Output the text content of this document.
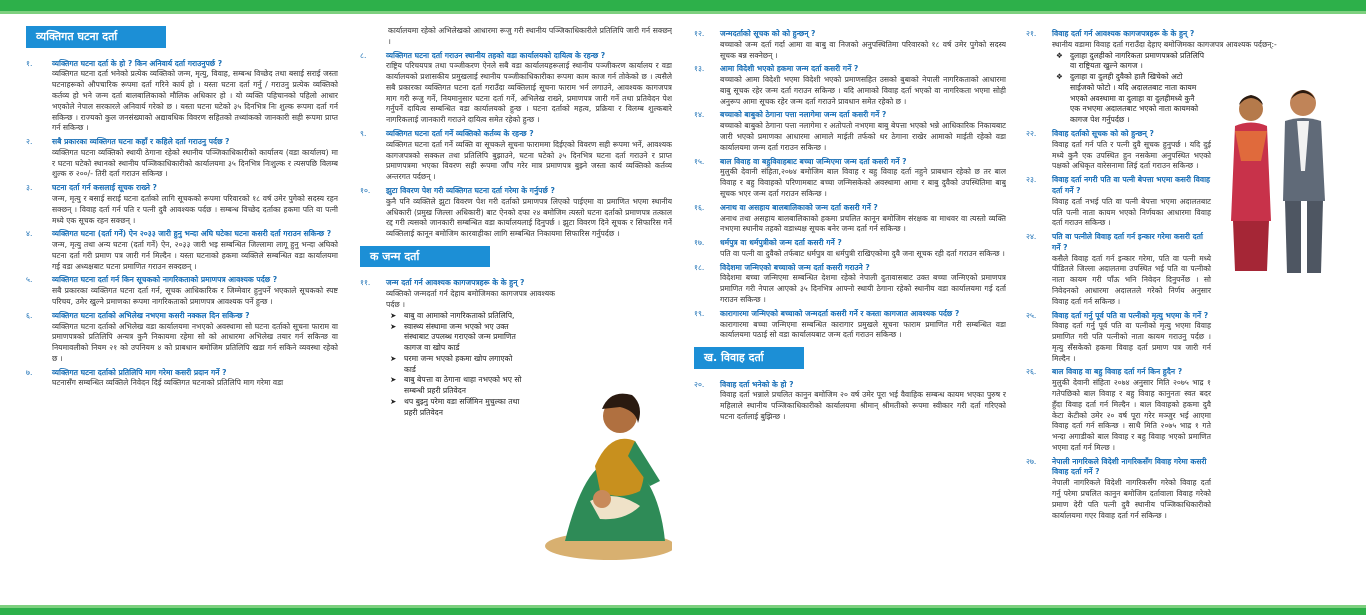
व्यक्तिगत घटना दर्ता
१.	व्यक्तिगत घटना दर्ता के हो ? किन अनिवार्य दर्ता गराउनुपर्छ ?
व्यक्तिगत घटना दर्ता भनेको प्रत्येक व्यक्तिको जन्म, मृत्यु, विवाह, सम्बन्ध विच्छेद तथा बसाई सराई जस्ता घटनाहरूको औपचारिक रूपमा दर्ता गरिने कार्य हो । यस्ता घटना दर्ता गर्नु / गराउनु प्रत्येक व्यक्तिको कर्तव्य हो भने जन्म दर्ता बालबालिकाको मौलिक अधिकार हो । यो व्यक्ति पहिचानको पहिलो आधार भएकोले नेपाल सरकारले अनिवार्य गरेको छ । यस्ता घटना घटेको ३५ दिनभित्र निः शुल्क रूपमा दर्ता गर्न सकिन्छ । राज्यको कुल जनसंख्याको अद्यावधिक विवरण सहितको तथ्यांकको जानकारी सही रूपमा प्राप्त गर्न सकिन्छ ।
२.	सबै प्रकारका व्यक्तिगत घटना कहाँ र कहिले दर्ता गराउनु पर्दछ ?
व्यक्तिगत घटना व्यक्तिको स्थायी ठेगाना रहेको स्थानीय पञ्जिकाधिकारीको कार्यालय (वडा कार्यालय) मा र घटना घटेको स्थानको स्थानीय पञ्जिकाधिकारीको कार्यालयमा ३५ दिनभित्र निःशुल्क र त्यसपछि विलम्ब शुल्क रु २००/- तिरी दर्ता गराउन सकिन्छ ।
३.	घटना दर्ता गर्न कसलाई सूचक राख्ने ?
जन्म, मृत्यु र बसाई सराई घटना दर्ताको लागि सूचकको रूपमा परिवारको १८ वर्ष उमेर पुगेको सदस्य रहन सक्छन् । विवाह दर्ता गर्न पति र पत्नी दुवै आवश्यक पर्दछ । सम्बन्ध विच्छेद दर्ताका हकमा पति वा पत्नी मध्ये एक सूचक रहन सक्छन् ।
४.	व्यक्तिगत घटना (दर्ता गर्ने) ऐन २०३३ जारी हुनु भन्दा अघि घटेका घटना कसरी दर्ता गराउन सकिन्छ ?
जन्म, मृत्यु तथा अन्य घटना (दर्ता गर्ने) ऐन, २०३३ जारी भइ सम्बन्धित जिल्लामा लागू हुनु भन्दा अघिको घटना दर्ता गरी प्रमाण पत्र जारी गर्न मिल्दैन । यस्ता घटनाको हकमा व्यक्तिले सम्बन्धित वडा कार्यालयमा गई वडा अध्यक्षबाट घटना प्रमाणित गराउन सक्दछन् ।
५.	व्यक्तिगत घटना दर्ता गर्न किन सूचकको नागरिकताको प्रमाणपत्र आवश्यक पर्दछ ?
सबै प्रकारका व्यक्तिगत घटना दर्ता गर्न, सूचक आधिकारिक र जिम्मेवार हुनुपर्ने भएकाले सूचकको स्पष्ट परिचय, उमेर खुल्ने प्रमाणका रूपमा नागरिकताको प्रमाणपत्र आवश्यक पर्ने हुन्छ ।
६.	व्यक्तिगत घटना दर्ताको अभिलेख नभएमा कसरी नक्कल दिन सकिन्छ ?
व्यक्तिगत घटना दर्ताको अभिलेख वडा कार्यालयमा नभएको अवस्थामा सो घटना दर्ताको सूचना फाराम वा प्रमाणपत्रको प्रतिलिपि अन्यत्र कुनै निकायमा रहेमा सो को आधारमा अभिलेख तयार गर्न सकिन्छ वा नियमावलीको नियम २१ को उपनियम ४ को प्राबधान बमोजिम प्रतिलिपि खडा गर्न सकिने व्यवस्था रहेको छ ।
७.	व्यक्तिगत घटना दर्ताको प्रतिलिपि माग गरेमा कसरी प्रदान गर्ने ?
घटनासँग सम्बन्धित व्यक्तिले निवेदन दिई व्यक्तिगत घटनाको प्रतिलिपि माग गरेमा वडा
कार्यालयमा रहेको अभिलेखको आधारमा रूजु गरी स्थानीय पञ्जिकाधिकारीले प्रतिलिपि जारी गर्न सक्छन् ।
८.	व्यक्तिगत घटना दर्ता गराउन स्थानीय तहको वडा कार्यालयको दायित्व के रहन्छ ?
राष्ट्रिय परिचयपत्र तथा पञ्जीकरण ऐनले सबै वडा कार्यालयहरूलाई स्थानीय पञ्जीकरण कार्यालय र वडा कार्यालयको प्रशासकीय प्रमुखलाई स्थानीय पञ्जीकाधिकारीका रूपमा काम काज गर्न तोकेको छ । त्यसैले सबै प्रकारका व्यक्तिगत घटना दर्ता गराउँदा व्यक्तिलाई सूचना फाराम भर्न लगाउने, आवश्यक कागजपत्र माग गरी रूजु गर्ने, नियमानुसार घटना दर्ता गर्ने, अभिलेख राख्ने, प्रमाणपत्र जारी गर्ने तथा प्रतिवेदन पेश गर्नुपर्ने दायित्व सम्बन्धित वडा कार्यालयको हुन्छ । घटना दर्ताको महत्व, प्रक्रिया र विलम्ब शुल्कबारे नागरिकलाई जानकारी गराउने दायित्व समेत रहेको हुन्छ ।
९.	व्यक्तिगत घटना दर्ता गर्ने व्यक्तिको कर्तव्य के रहन्छ ?
व्यक्तिगत घटना दर्ता गर्ने व्यक्ति वा सूचकले सूचना फाराममा दिईएको विवरण सही रूपमा भर्ने, आवश्यक कागजपत्रको सक्कल तथा प्रतिलिपि बुझाउने, घटना घटेको ३५ दिनभित्र घटना दर्ता गराउने र प्राप्त प्रमाणपत्रमा भएका विवरण सही रूपमा जाँच गरेर मात्र प्रमाणपत्र बुझ्ने जस्ता कार्य व्यक्तिको कर्तव्य अन्तरगत पर्दछन् ।
१०.	झुटा विवरण पेश गरी व्यक्तिगत घटना दर्ता गरेमा के गर्नुपर्छ ?
कुनै पनि व्यक्तिले झुटा विवरण पेश गरी दर्ताको प्रमाणपत्र लिएको पाईएमा वा प्रमाणित भएमा स्थानीय अधिकारी (प्रमुख जिल्ला अधिकारी) बाट ऐनको दफा २४ बमोजिम त्यस्तो घटना दर्ताको प्रमाणपत्र तत्काल रद्द गरी त्यसको जानकारी सम्बन्धित वडा कार्यालयलाई दिनुपर्छ । झुटा विवरण दिने सूचक र सिफारिस गर्ने व्यक्तिलाई कानून बमोजिम कारवाहीका लागि सम्बन्धित निकायमा सिफारिस गर्नुपर्दछ ।
क जन्म दर्ता
११.	जन्म दर्ता गर्न आवश्यक कागजपत्रहरू के के हुन् ?
व्यक्तिको जन्मदर्ता गर्न देहाय बमोजिमका कागजपत्र आवश्यक पर्दछ ।
➤	बाबु वा आमाको नागरिकताको प्रतिलिपि,
➤	स्वास्थ्य संस्थामा जन्म भएको भए उक्त संस्थाबाट उपलब्ध गराएको जन्म प्रमाणित कागज वा खोप कार्ड
➤	घरमा जन्म भएको हकमा खोप लगाएको कार्ड
➤	बाबु बेपत्ता वा ठेगाना थाहा नभएको भए सो सम्बन्धी प्रहरी प्रतिवेदन
➤	थप बुझ्नु परेमा वडा सर्जिमिन मुचुल्का तथा प्रहरी प्रतिवेदन
१२.	जन्मदर्ताको सूचक को को हुन्छन् ?
बच्चाको जन्म दर्ता गर्दा आमा वा बाबु वा निजको अनुपस्थितिमा परिवारको १८ वर्ष उमेर पुगेको सदस्य सूचक बन्न सक्नेछन् ।
१३.	आमा विदेशी भएको हकमा जन्म दर्ता कसरी गर्ने ?
बच्चाको आमा विदेशी भएमा विदेशी भएको प्रमाणसहित उसको बुबाको नेपाली नागरिकताको आधारमा बाबु सूचक रहेर जन्म दर्ता गराउन सकिन्छ । यदि आमाको विवाह दर्ता भएको वा नागरिकता भएमा सोही अनुरूप आमा सूचक रहेर जन्म दर्ता गराउने प्रावधान समेत रहेको छ ।
१४.	बच्चाको बाबुको ठेगाना पत्ता नलागेमा जन्म दर्ता कसरी गर्ने ?
बच्चाको बाबुको ठेगाना पत्ता नलागेमा र अतोपतो नभएमा बाबु बेपत्ता भएको भन्ने आधिकारिक निकायबाट जारी भएको प्रमाणका आधारमा आमाले माईती तर्फको थर ठेगाना राखेर आमाको माईती रहेको वडा कार्यालयमा जन्म दर्ता गराउन सकिन्छ ।
१५.	बाल विवाह वा बहुविवाहबाट बच्चा जन्मिएमा जन्म दर्ता कसरी गर्ने ?
मुलुकी देवानी संहिता,२०७४ बमोजिम बाल विवाह र बहु विवाह दर्ता नहुने प्राबधान रहेको छ तर बाल विवाह र बहु विवाहको परिणामबाट बच्चा जन्मिसकेको अवस्थामा आमा र बाबु दुवैको उपस्थितिमा बाबु सूचक भएर जन्म दर्ता गराउन सकिन्छ ।
१६.	अनाथ वा असहाय बालबालिकाको जन्म दर्ता कसरी गर्ने ?
अनाथ तथा असहाय बालबालिकाको हकमा प्रचलित कानून बमोजिम संरक्षक वा माथवर वा त्यस्तो व्यक्ति नभएमा स्थानीय तहको वडाध्यक्ष सूचक बनेर जन्म दर्ता गर्न सकिन्छ ।
१७.	धर्मपुत्र वा धर्मपुत्रीको जन्म दर्ता कसरी गर्ने ?
पति वा पत्नी वा दुवैको तर्फबाट धर्मपुत्र वा धर्मपुत्री राखिएकोमा दुवै जना सूचक रही दर्ता गराउन सकिन्छ ।
१८.	विदेशमा जन्मिएको बच्चाको जन्म दर्ता कसरी गराउने ?
विदेशमा बच्चा जन्मिएमा सम्बन्धित देशमा रहेको नेपाली दुतावासबाट उक्त बच्चा जन्मिएको प्रमाणपत्र प्रमाणित गरी नेपाल आएको ३५ दिनभित्र आफ्नो स्थायी ठेगाना रहेको स्थानीय वडा कार्यालयमा गई दर्ता गराउन सकिन्छ ।
१९.	कारागारमा जन्मिएको बच्चाको जन्मदर्ता कसरी गर्ने र कस्ता कागजात आवश्यक पर्दछ ?
कारागारमा बच्चा जन्मिएमा सम्बन्धित कारागार प्रमुखले सूचना फाराम प्रमाणित गरी सम्बन्धित वडा कार्यालयमा पठाई सो वडा कार्यालयबाट जन्म दर्ता गराउन सकिन्छ ।
ख. विवाह दर्ता
२०.	विवाह दर्ता भनेको के हो ?
विवाह दर्ता भन्नाले प्रचलित कानुन बमोजिम २० वर्ष उमेर पूरा भई वैवाहिक सम्बन्ध कायम भएका पुरुष र महिलाले स्थानीय पञ्जिकाधिकारीको कार्यालयमा श्रीमान् श्रीमतीको रूपमा स्वीकार गरी दर्ता गरिएको घटना दर्तालाई बुझिन्छ ।
२१.	विवाह दर्ता गर्न आवश्यक कागजपत्रहरू के के हुन् ?
स्थानीय वडामा विवाह दर्ता गराउँदा देहाए बमोजिमका कागजपत्र आवश्यक पर्दछन्:-
❖ दुलाहा दुलहीको नागरिकता प्रमाणपत्रको प्रतिलिपि वा राष्ट्रियता खुल्ने कागज ।
❖ दुलाहा वा दुलही दुवैको हालै खिचेको अटो साईजको फोटो । यदि अदालतबाट नाता कायम भएको अवस्थामा वा दुलाहा वा दुलहीमध्ये कुनै एक नभएमा अदालतबाट भएको नाता कायमको कागज पेश गर्नुपर्दछ ।
२२.	विवाह दर्ताको सूचक को को हुन्छन् ?
विवाह दर्ता गर्न पति र पत्नी दुवै सूचक हुनुपर्छ । यदि दुई मध्ये कुनै एक उपस्थित हुन नसकेमा अनुपस्थित भएको पक्षको अधिकृत वारेसनामा लिई दर्ता गराउन सकिन्छ ।
२३.	विवाह दर्ता नगरी पति वा पत्नी बेपत्ता भएमा कसरी विवाह दर्ता गर्ने ?
विवाह दर्ता नभई पति वा पत्नी बेपत्ता भएमा अदालतबाट पति पत्नी नाता कायम भएको निर्णयका आधारमा विवाह दर्ता गराउन सकिन्छ ।
२४.	पति वा पत्नीले विवाह दर्ता गर्न इन्कार गरेमा कसरी दर्ता गर्ने ?
कसैले विवाह दर्ता गर्न इन्कार गरेमा, पति वा पत्नी मध्ये पीडितले जिल्ला अदालतमा उपस्थित भई पति वा पत्नीको नाता कायम गरी पाँऊ भनि निवेदन दिनुपर्नेछ । सो निवेदनको आधारमा अदालतले गरेको निर्णय अनुसार विवाह दर्ता गर्न सकिन्छ ।
२५.	विवाह दर्ता गर्नु पूर्व पति वा पत्नीको मृत्यु भएमा के गर्ने ?
विवाह दर्ता गर्नु पूर्व पति वा पत्नीको मृत्यु भएमा विवाह प्रमाणित गरी पति पत्नीको नाता कायम गराउनु पर्दछ । मृत्यु सँसकेको हकमा विवाह दर्ता प्रमाण पत्र जारी गर्न मिल्दैन ।
२६.	बाल विवाह वा बहु विवाह दर्ता गर्न किन हुदैन ?
मुलुकी देवानी संहिता २०७४ अनुसार मिति २०७५ भाद्र १ गतेपछिको बाल विवाह र बहु विवाह कानुनतः स्वत बदर हुँदा विवाह दर्ता गर्न मिल्दैन । बाल विवाहको हकमा दुवै केटा केटीको उमेर २० वर्ष पूरा गरेर मञ्जुर भई आएमा विवाह दर्ता गर्न सकिन्छ । साथै मिति २०७५ भाद्र १ गते भन्दा अगाडीको बाल विवाह र बहु विवाह भएको प्रमाणित भएमा दर्ता गर्न मिल्छ ।
२७.	नेपाली नागरिकले विदेशी नागरिकसँग विवाह गरेमा कसरी विवाह दर्ता गर्ने ?
नेपाली नागरिकले विदेशी नागरिकसँग गरेको विवाह दर्ता गर्नु परेमा प्रचलित कानुन बमोजिम दर्तावाला विवाह गरेको प्रमाण देरी पति पत्नी दुवै स्थानीय पञ्जिकाधिकारीको कार्यालयमा गएर विवाह दर्ता गर्न सकिन्छ ।
